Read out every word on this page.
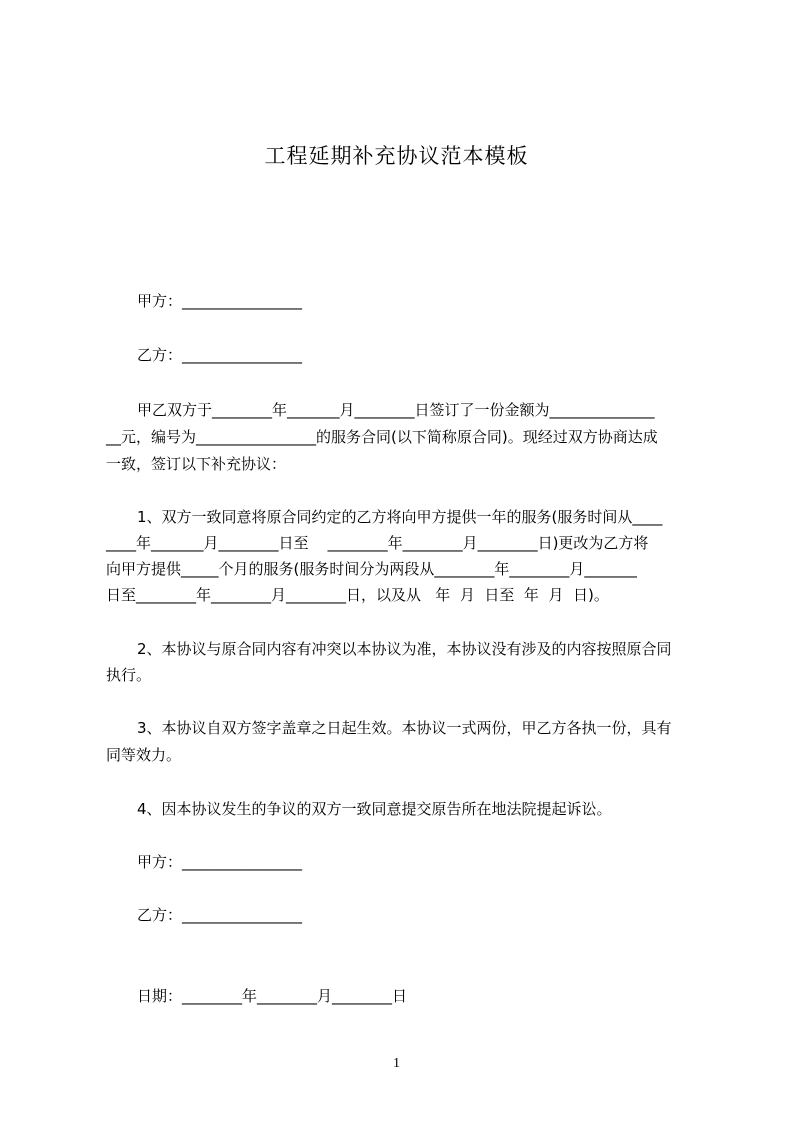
工程延期补充协议范本模板
甲方：________________
乙方：________________
甲乙双方于________年_______月________日签订了一份金额为______________
__元，编号为________________的服务合同(以下简称原合同)。现经过双方协商达成
一致，签订以下补充协议：
1、双方一致同意将原合同约定的乙方将向甲方提供一年的服务(服务时间从____
____年_______月________日至    ________年________月________日)更改为乙方将
向甲方提供_____个月的服务(服务时间分为两段从________年________月_______
日至________年________月________日，以及从   年  月  日至  年  月  日)。
2、本协议与原合同内容有冲突以本协议为准，本协议没有涉及的内容按照原合同
执行。
3、本协议自双方签字盖章之日起生效。本协议一式两份，甲乙方各执一份，具有
同等效力。
4、因本协议发生的争议的双方一致同意提交原告所在地法院提起诉讼。
甲方：________________
乙方：________________
日期：________年________月________日
1
